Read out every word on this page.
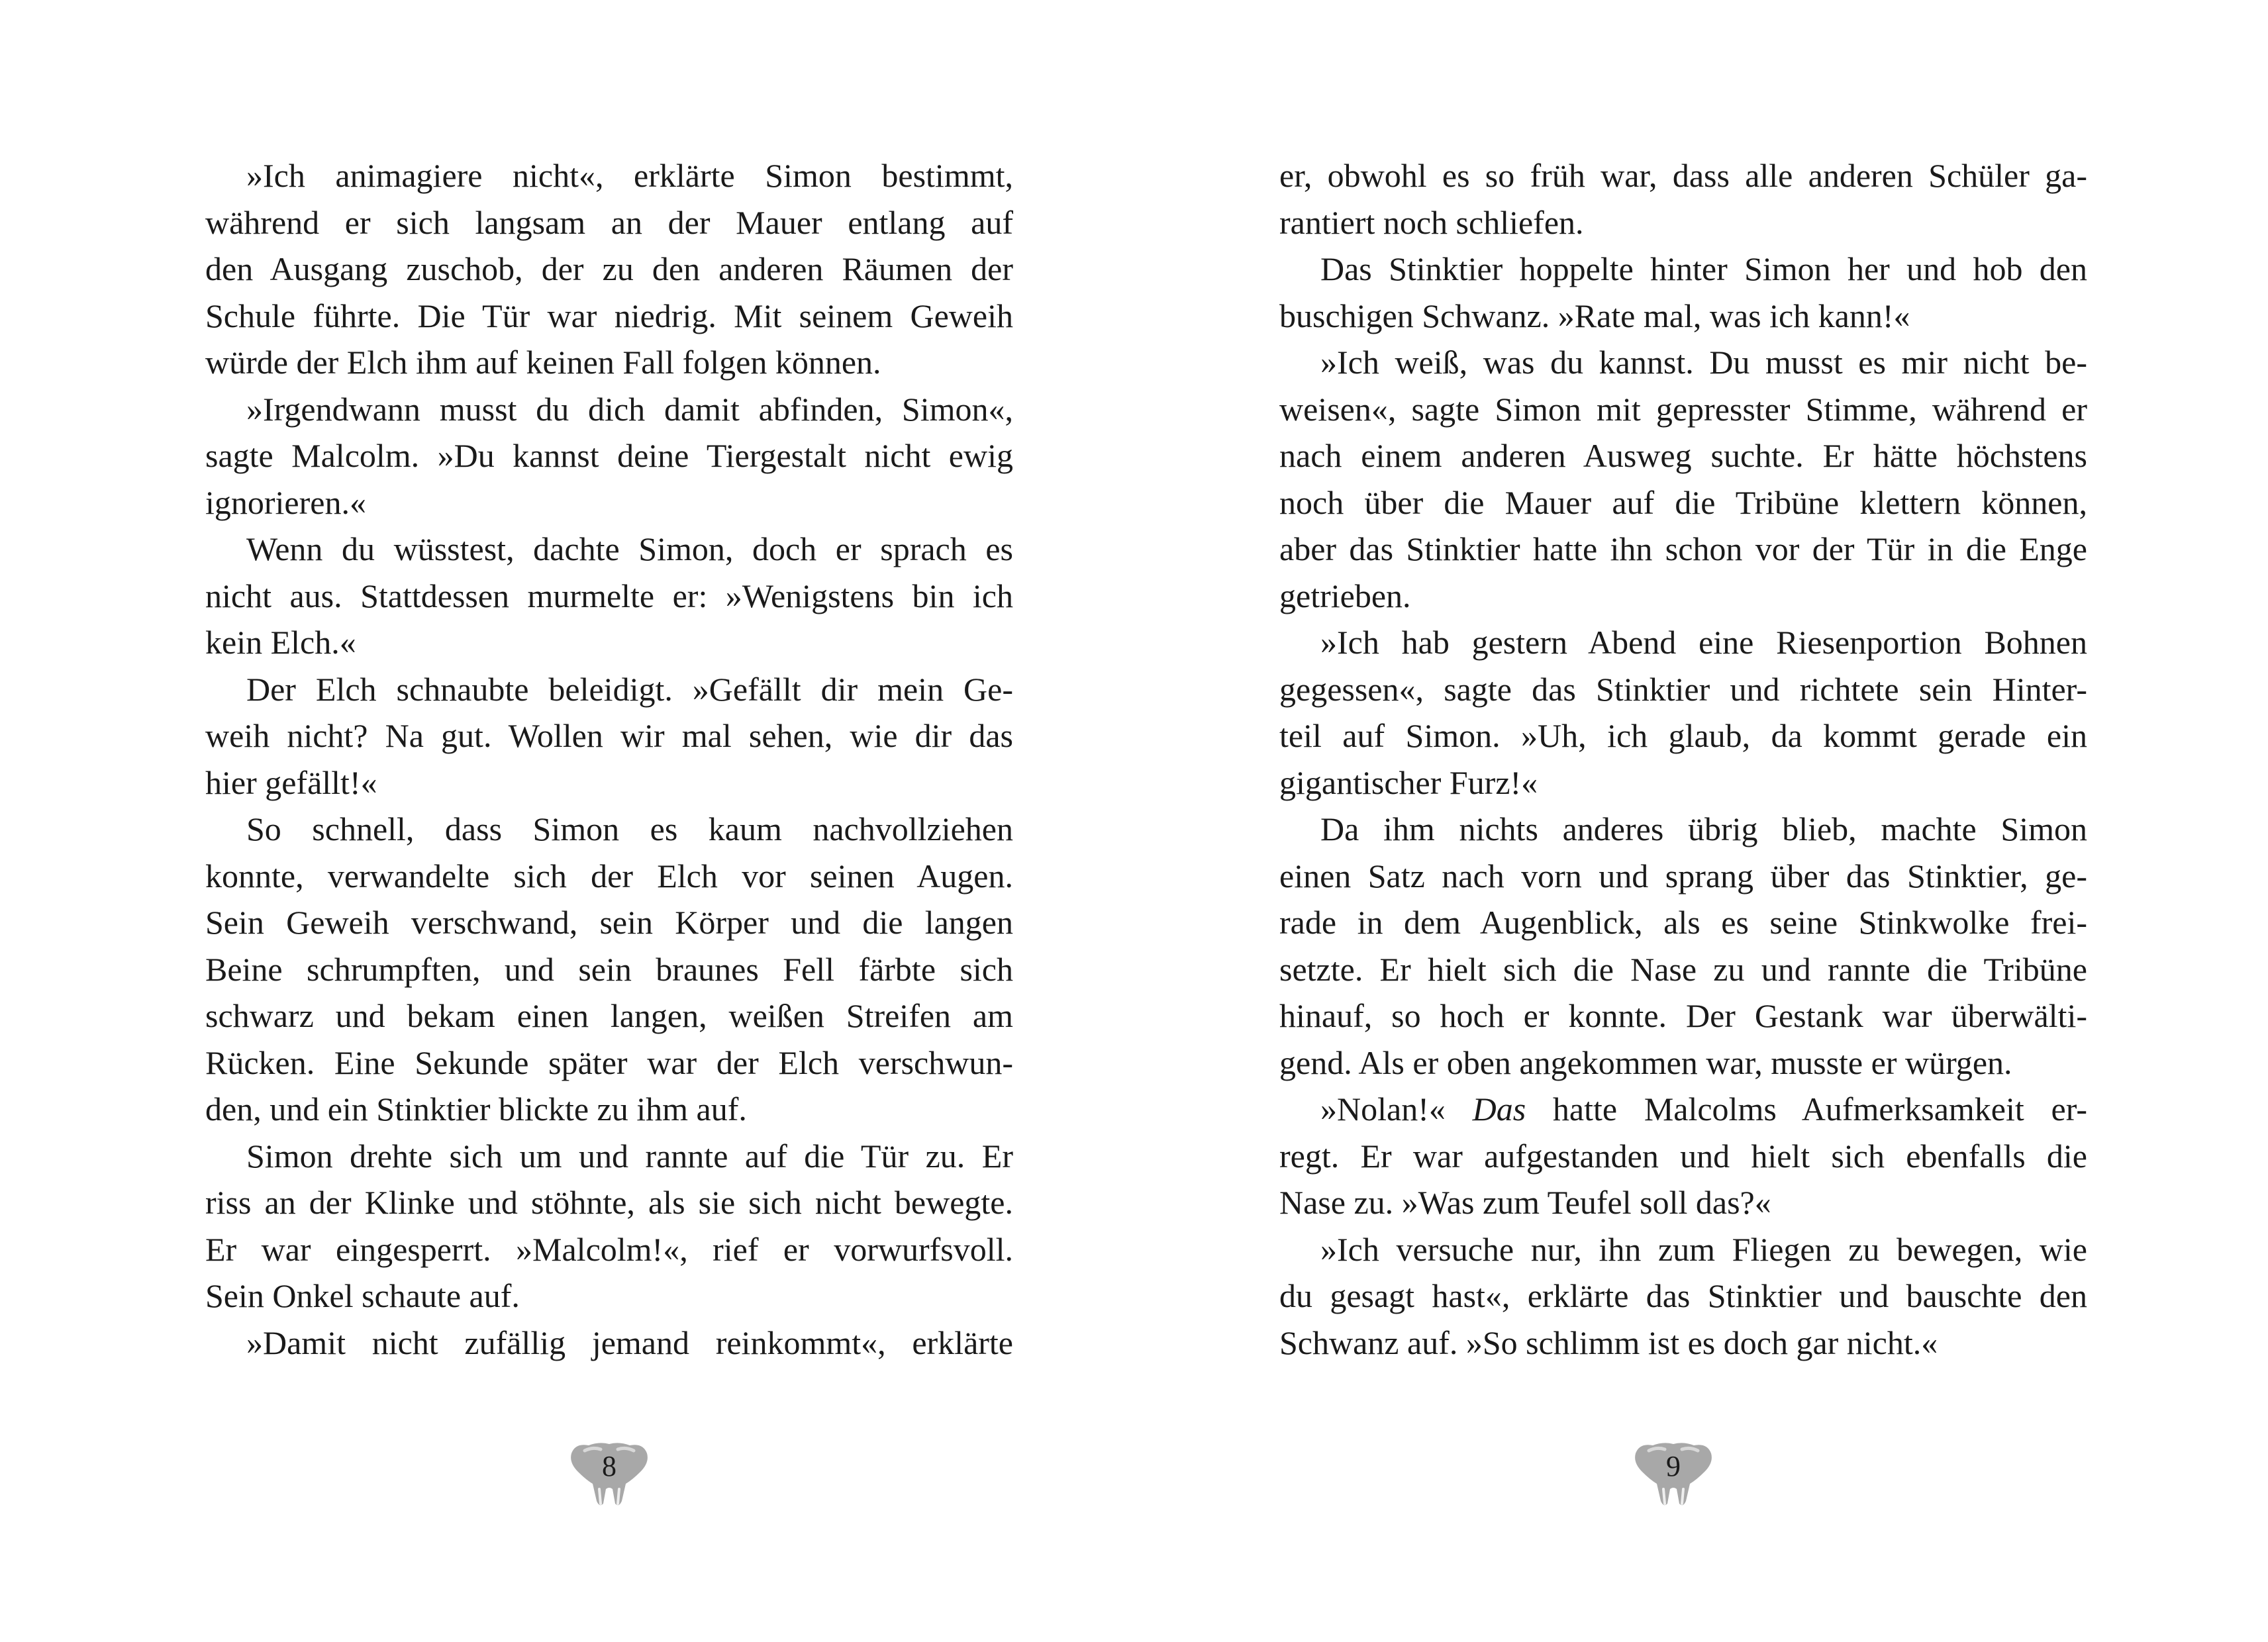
»Ich animagiere nicht«, erklärte Simon bestimmt,
während er sich langsam an der Mauer entlang auf
den Ausgang zuschob, der zu den anderen Räumen der
Schule führte. Die Tür war niedrig. Mit seinem Geweih
würde der Elch ihm auf keinen Fall folgen können.
»Irgendwann musst du dich damit abfinden, Simon«,
sagte Malcolm. »Du kannst deine Tiergestalt nicht ewig
ignorieren.«
Wenn du wüsstest, dachte Simon, doch er sprach es
nicht aus. Stattdessen murmelte er: »Wenigstens bin ich
kein Elch.«
Der Elch schnaubte beleidigt. »Gefällt dir mein Ge-
weih nicht? Na gut. Wollen wir mal sehen, wie dir das
hier gefällt!«
So schnell, dass Simon es kaum nachvollziehen
konnte, verwandelte sich der Elch vor seinen Augen.
Sein Geweih verschwand, sein Körper und die langen
Beine schrumpften, und sein braunes Fell färbte sich
schwarz und bekam einen langen, weißen Streifen am
Rücken. Eine Sekunde später war der Elch verschwun-
den, und ein Stinktier blickte zu ihm auf.
Simon drehte sich um und rannte auf die Tür zu. Er
riss an der Klinke und stöhnte, als sie sich nicht bewegte.
Er war eingesperrt. »Malcolm!«, rief er vorwurfsvoll.
Sein Onkel schaute auf.
»Damit nicht zufällig jemand reinkommt«, erklärte
8
er, obwohl es so früh war, dass alle anderen Schüler ga-
rantiert noch schliefen.
Das Stinktier hoppelte hinter Simon her und hob den
buschigen Schwanz. »Rate mal, was ich kann!«
»Ich weiß, was du kannst. Du musst es mir nicht be-
weisen«, sagte Simon mit gepresster Stimme, während er
nach einem anderen Ausweg suchte. Er hätte höchstens
noch über die Mauer auf die Tribüne klettern können,
aber das Stinktier hatte ihn schon vor der Tür in die Enge
getrieben.
»Ich hab gestern Abend eine Riesenportion Bohnen
gegessen«, sagte das Stinktier und richtete sein Hinter-
teil auf Simon. »Uh, ich glaub, da kommt gerade ein
gigantischer Furz!«
Da ihm nichts anderes übrig blieb, machte Simon
einen Satz nach vorn und sprang über das Stinktier, ge-
rade in dem Augenblick, als es seine Stinkwolke frei-
setzte. Er hielt sich die Nase zu und rannte die Tribüne
hinauf, so hoch er konnte. Der Gestank war überwälti-
gend. Als er oben angekommen war, musste er würgen.
»Nolan!« Das hatte Malcolms Aufmerksamkeit er-
regt. Er war aufgestanden und hielt sich ebenfalls die
Nase zu. »Was zum Teufel soll das?«
»Ich versuche nur, ihn zum Fliegen zu bewegen, wie
du gesagt hast«, erklärte das Stinktier und bauschte den
Schwanz auf. »So schlimm ist es doch gar nicht.«
9
